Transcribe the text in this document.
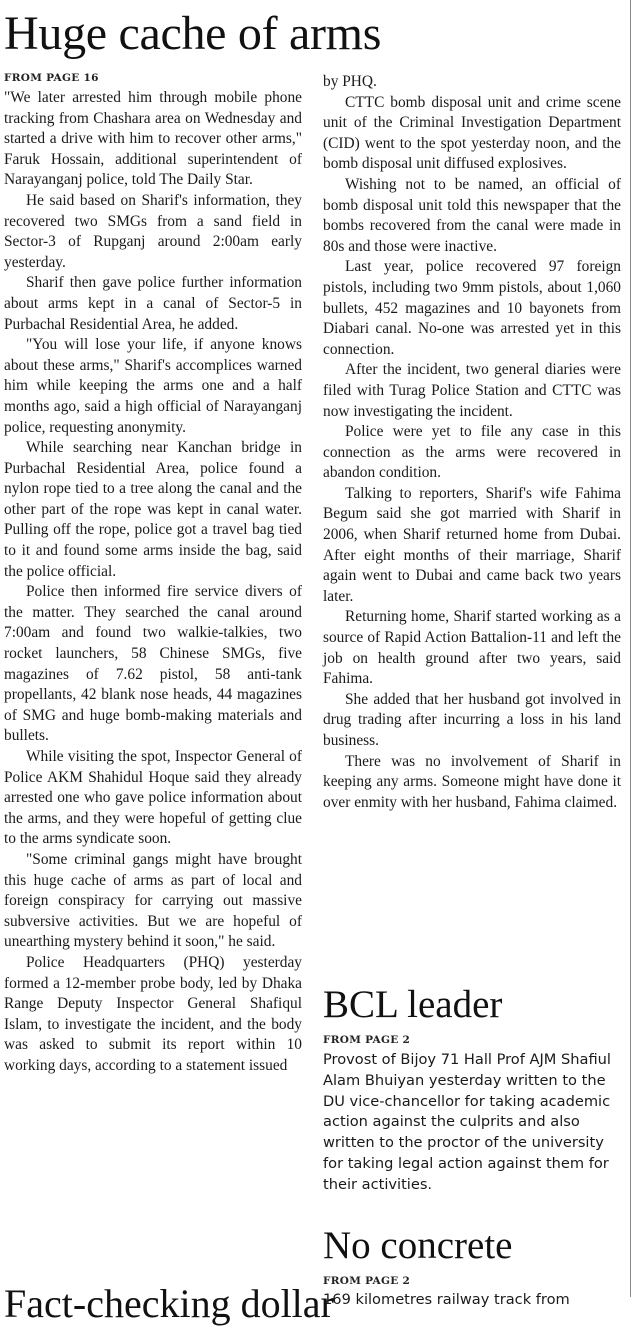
Huge cache of arms
FROM PAGE 16

"We later arrested him through mobile phone tracking from Chashara area on Wednesday and started a drive with him to recover other arms," Faruk Hossain, additional superintendent of Narayanganj police, told The Daily Star.

He said based on Sharif's information, they recovered two SMGs from a sand field in Sector-3 of Rupganj around 2:00am early yesterday.

Sharif then gave police further information about arms kept in a canal of Sector-5 in Purbachal Residential Area, he added.

"You will lose your life, if anyone knows about these arms," Sharif's accomplices warned him while keeping the arms one and a half months ago, said a high official of Narayanganj police, requesting anonymity.

While searching near Kanchan bridge in Purbachal Residential Area, police found a nylon rope tied to a tree along the canal and the other part of the rope was kept in canal water. Pulling off the rope, police got a travel bag tied to it and found some arms inside the bag, said the police official.

Police then informed fire service divers of the matter. They searched the canal around 7:00am and found two walkie-talkies, two rocket launchers, 58 Chinese SMGs, five magazines of 7.62 pistol, 58 anti-tank propellants, 42 blank nose heads, 44 magazines of SMG and huge bomb-making materials and bullets.

While visiting the spot, Inspector General of Police AKM Shahidul Hoque said they already arrested one who gave police information about the arms, and they were hopeful of getting clue to the arms syndicate soon.

"Some criminal gangs might have brought this huge cache of arms as part of local and foreign conspiracy for carrying out massive subversive activities. But we are hopeful of unearthing mystery behind it soon," he said.

Police Headquarters (PHQ) yesterday formed a 12-member probe body, led by Dhaka Range Deputy Inspector General Shafiqul Islam, to investigate the incident, and the body was asked to submit its report within 10 working days, according to a statement issued

by PHQ.

CTTC bomb disposal unit and crime scene unit of the Criminal Investigation Department (CID) went to the spot yesterday noon, and the bomb disposal unit diffused explosives.

Wishing not to be named, an official of bomb disposal unit told this newspaper that the bombs recovered from the canal were made in 80s and those were inactive.

Last year, police recovered 97 foreign pistols, including two 9mm pistols, about 1,060 bullets, 452 magazines and 10 bayonets from Diabari canal. No-one was arrested yet in this connection.

After the incident, two general diaries were filed with Turag Police Station and CTTC was now investigating the incident.

Police were yet to file any case in this connection as the arms were recovered in abandon condition.

Talking to reporters, Sharif's wife Fahima Begum said she got married with Sharif in 2006, when Sharif returned home from Dubai. After eight months of their marriage, Sharif again went to Dubai and came back two years later.

Returning home, Sharif started working as a source of Rapid Action Battalion-11 and left the job on health ground after two years, said Fahima.

She added that her husband got involved in drug trading after incurring a loss in his land business.

There was no involvement of Sharif in keeping any arms. Someone might have done it over enmity with her husband, Fahima claimed.

BCL leader
FROM PAGE 2

Provost of Bijoy 71 Hall Prof AJM Shafiul Alam Bhuiyan yesterday written to the DU vice-chancellor for taking academic action against the culprits and also written to the proctor of the university for taking legal action against them for their activities.

No concrete
FROM PAGE 2

169 kilometres railway track from

Fact-checking dollar
